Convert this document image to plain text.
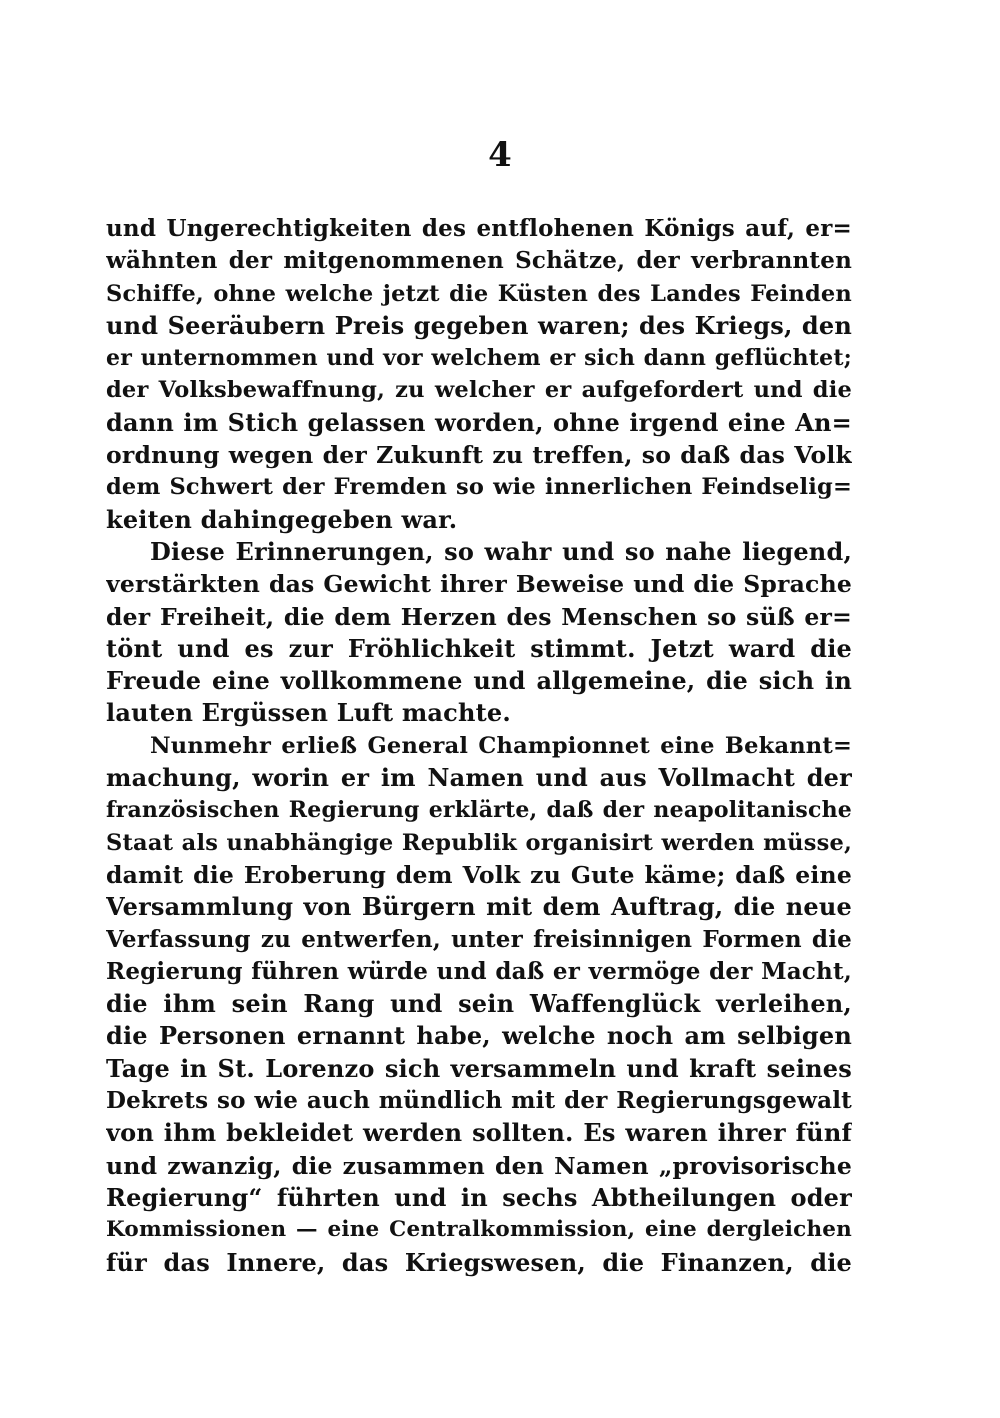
4
und Ungerechtigkeiten des entflohenen Königs auf, er=
wähnten der mitgenommenen Schätze, der verbrannten
Schiffe, ohne welche jetzt die Küsten des Landes Feinden
und Seeräubern Preis gegeben waren; des Kriegs, den
er unternommen und vor welchem er sich dann geflüchtet;
der Volksbewaffnung, zu welcher er aufgefordert und die
dann im Stich gelassen worden, ohne irgend eine An=
ordnung wegen der Zukunft zu treffen, so daß das Volk
dem Schwert der Fremden so wie innerlichen Feindselig=
keiten dahingegeben war.
Diese Erinnerungen, so wahr und so nahe liegend,
verstärkten das Gewicht ihrer Beweise und die Sprache
der Freiheit, die dem Herzen des Menschen so süß er=
tönt und es zur Fröhlichkeit stimmt. Jetzt ward die
Freude eine vollkommene und allgemeine, die sich in
lauten Ergüssen Luft machte.
Nunmehr erließ General Championnet eine Bekannt=
machung, worin er im Namen und aus Vollmacht der
französischen Regierung erklärte, daß der neapolitanische
Staat als unabhängige Republik organisirt werden müsse,
damit die Eroberung dem Volk zu Gute käme; daß eine
Versammlung von Bürgern mit dem Auftrag, die neue
Verfassung zu entwerfen, unter freisinnigen Formen die
Regierung führen würde und daß er vermöge der Macht,
die ihm sein Rang und sein Waffenglück verleihen,
die Personen ernannt habe, welche noch am selbigen
Tage in St. Lorenzo sich versammeln und kraft seines
Dekrets so wie auch mündlich mit der Regierungsgewalt
von ihm bekleidet werden sollten. Es waren ihrer fünf
und zwanzig, die zusammen den Namen „provisorische
Regierung“ führten und in sechs Abtheilungen oder
Kommissionen — eine Centralkommission, eine dergleichen
für das Innere, das Kriegswesen, die Finanzen, die
